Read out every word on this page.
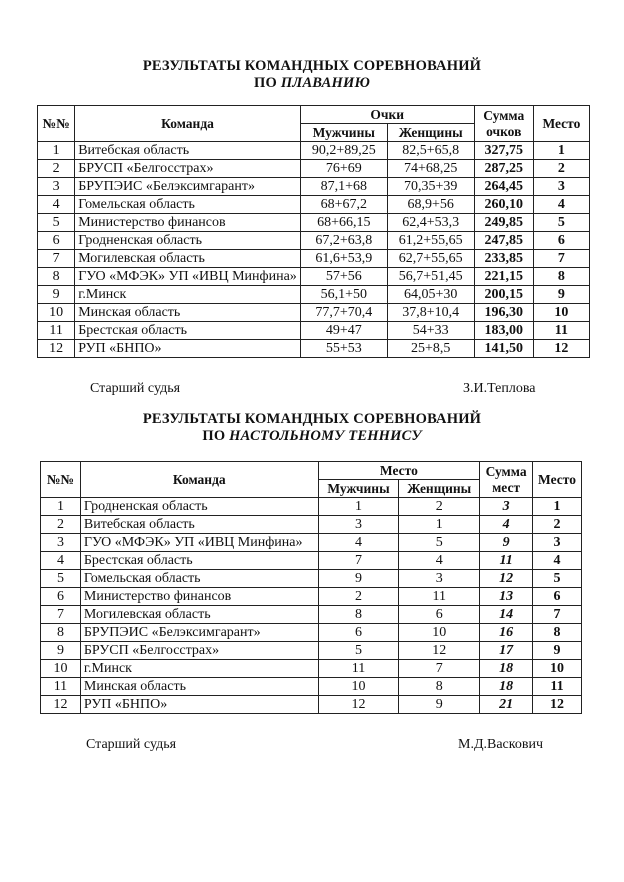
РЕЗУЛЬТАТЫ КОМАНДНЫХ СОРЕВНОВАНИЙ
ПО ПЛАВАНИЮ
№№	Команда	Очки		Сумма
очков	Место
		Мужчины	Женщины		
1	Витебская область	90,2+89,25	82,5+65,8	327,75	1
2	БРУСП «Белгосстрах»	76+69	74+68,25	287,25	2
3	БРУПЭИС «Белэксимгарант»	87,1+68	70,35+39	264,45	3
4	Гомельская область	68+67,2	68,9+56	260,10	4
5	Министерство финансов	68+66,15	62,4+53,3	249,85	5
6	Гродненская область	67,2+63,8	61,2+55,65	247,85	6
7	Могилевская область	61,6+53,9	62,7+55,65	233,85	7
8	ГУО «МФЭК» УП «ИВЦ Минфина»	57+56	56,7+51,45	221,15	8
9	г.Минск	56,1+50	64,05+30	200,15	9
10	Минская область	77,7+70,4	37,8+10,4	196,30	10
11	Брестская область	49+47	54+33	183,00	11
12	РУП «БНПО»	55+53	25+8,5	141,50	12
Старший судья	З.И.Теплова
РЕЗУЛЬТАТЫ КОМАНДНЫХ СОРЕВНОВАНИЙ
ПО НАСТОЛЬНОМУ ТЕННИСУ
№№	Команда	Место		Сумма
мест	Место
		Мужчины	Женщины		
1	Гродненская область	1	2	3	1
2	Витебская область	3	1	4	2
3	ГУО «МФЭК» УП «ИВЦ Минфина»	4	5	9	3
4	Брестская область	7	4	11	4
5	Гомельская область	9	3	12	5
6	Министерство финансов	2	11	13	6
7	Могилевская область	8	6	14	7
8	БРУПЭИС «Белэксимгарант»	6	10	16	8
9	БРУСП «Белгосстрах»	5	12	17	9
10	г.Минск	11	7	18	10
11	Минская область	10	8	18	11
12	РУП «БНПО»	12	9	21	12
Старший судья	М.Д.Васкович
